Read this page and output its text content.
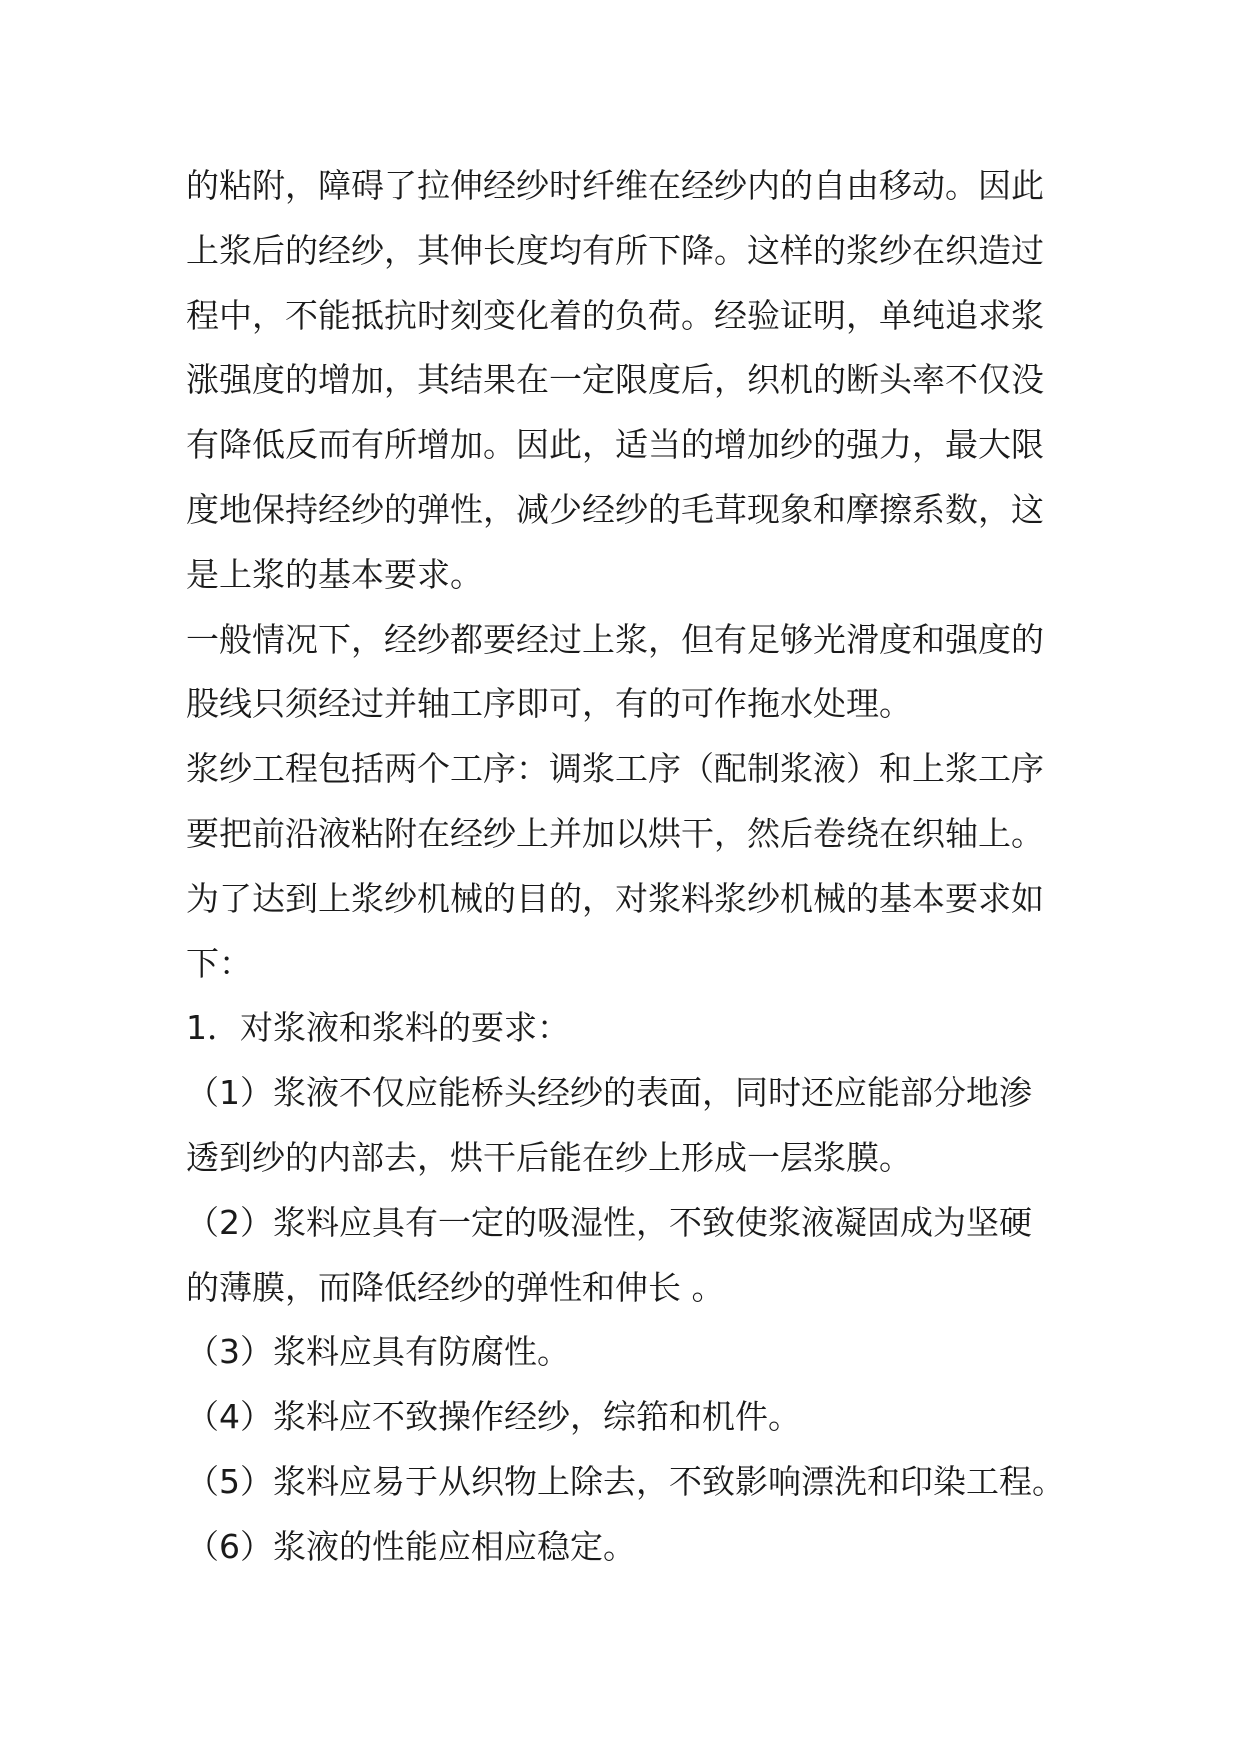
的粘附，障碍了拉伸经纱时纤维在经纱内的自由移动。因此
上浆后的经纱，其伸长度均有所下降。这样的浆纱在织造过
程中，不能抵抗时刻变化着的负荷。经验证明，单纯追求浆
涨强度的增加，其结果在一定限度后，织机的断头率不仅没
有降低反而有所增加。因此，适当的增加纱的强力，最大限
度地保持经纱的弹性，减少经纱的毛茸现象和摩擦系数，这
是上浆的基本要求。
一般情况下，经纱都要经过上浆，但有足够光滑度和强度的
股线只须经过并轴工序即可，有的可作拖水处理。
浆纱工程包括两个工序：调浆工序（配制浆液）和上浆工序
要把前沿液粘附在经纱上并加以烘干，然后卷绕在织轴上。
为了达到上浆纱机械的目的，对浆料浆纱机械的基本要求如
下：
1．对浆液和浆料的要求：
（1）浆液不仅应能桥头经纱的表面，同时还应能部分地渗
透到纱的内部去，烘干后能在纱上形成一层浆膜。
（2）浆料应具有一定的吸湿性，不致使浆液凝固成为坚硬
的薄膜，而降低经纱的弹性和伸长 。
（3）浆料应具有防腐性。
（4）浆料应不致操作经纱，综筘和机件。
（5）浆料应易于从织物上除去，不致影响漂洗和印染工程。
（6）浆液的性能应相应稳定。
